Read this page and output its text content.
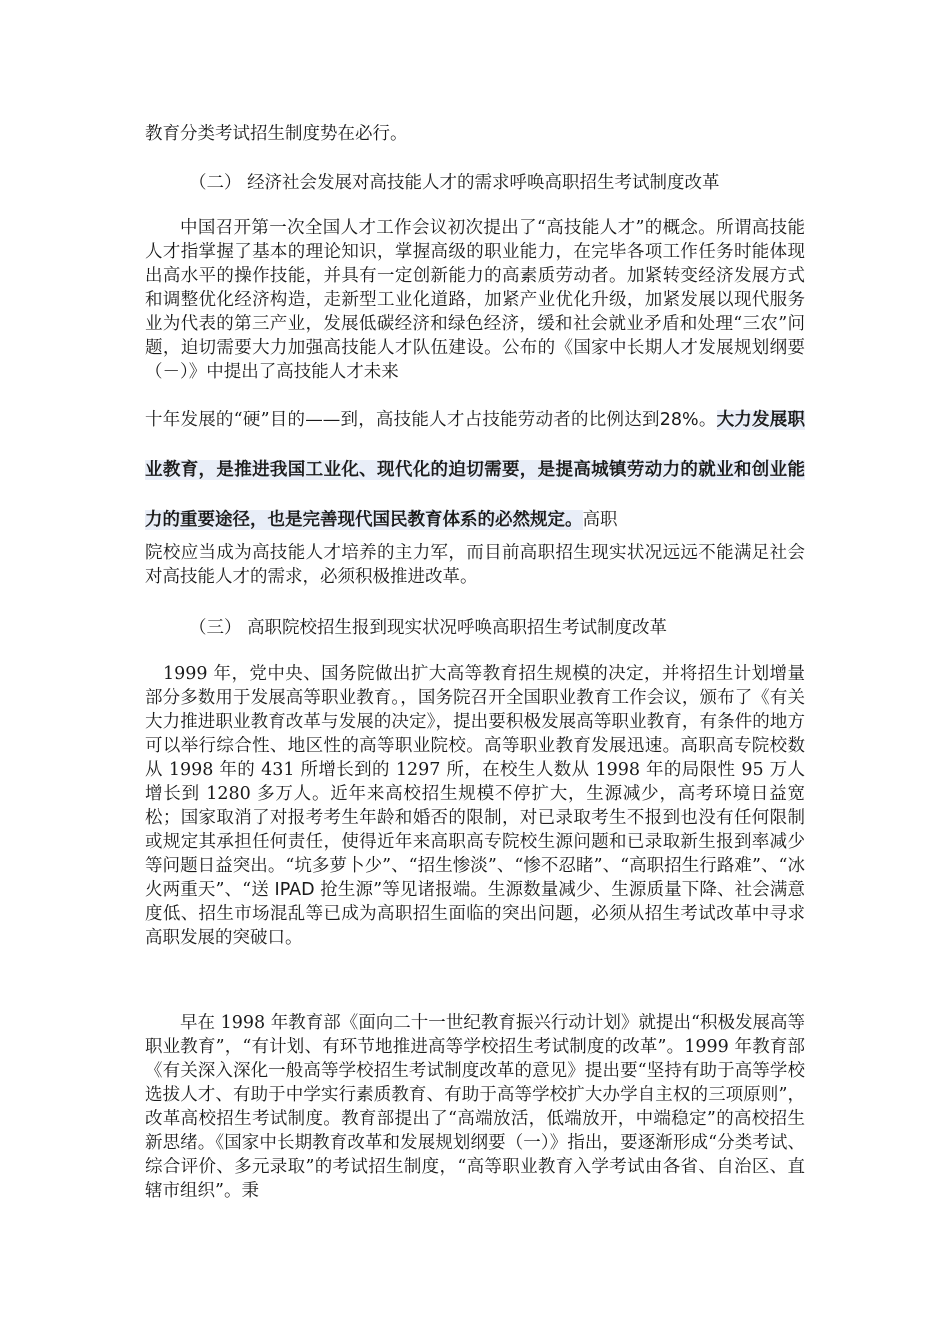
教育分类考试招生制度势在必行。

（二） 经济社会发展对高技能人才的需求呼唤高职招生考试制度改革

中国召开第一次全国人才工作会议初次提出了“高技能人才”的概念。所谓高技能人才指掌握了基本的理论知识，掌握高级的职业能力，在完毕各项工作任务时能体现出高水平的操作技能，并具有一定创新能力的高素质劳动者。加紧转变经济发展方式和调整优化经济构造，走新型工业化道路，加紧产业优化升级，加紧发展以现代服务业为代表的第三产业，发展低碳经济和绿色经济，缓和社会就业矛盾和处理“三农”问题，迫切需要大力加强高技能人才队伍建设。公布的《国家中长期人才发展规划纲要（－）》中提出了高技能人才未来

十年发展的“硬”目的——到，高技能人才占技能劳动者的比例达到28%。大力发展职业教育，是推进我国工业化、现代化的迫切需要，是提高城镇劳动力的就业和创业能力的重要途径，也是完善现代国民教育体系的必然规定。高职

院校应当成为高技能人才培养的主力军，而目前高职招生现实状况远远不能满足社会对高技能人才的需求，必须积极推进改革。

（三） 高职院校招生报到现实状况呼唤高职招生考试制度改革

1999 年，党中央、国务院做出扩大高等教育招生规模的决定，并将招生计划增量部分多数用于发展高等职业教育。，国务院召开全国职业教育工作会议，颁布了《有关大力推进职业教育改革与发展的决定》，提出要积极发展高等职业教育，有条件的地方可以举行综合性、地区性的高等职业院校。高等职业教育发展迅速。高职高专院校数从 1998 年的 431 所增长到的 1297 所，在校生人数从 1998 年的局限性 95 万人增长到 1280 多万人。近年来高校招生规模不停扩大，生源减少，高考环境日益宽松；国家取消了对报考考生年龄和婚否的限制，对已录取考生不报到也没有任何限制或规定其承担任何责任，使得近年来高职高专院校生源问题和已录取新生报到率减少等问题日益突出。“坑多萝卜少”、“招生惨淡”、“惨不忍睹”、“高职招生行路难”、“冰火两重天”、“送 IPAD 抢生源”等见诸报端。生源数量减少、生源质量下降、社会满意度低、招生市场混乱等已成为高职招生面临的突出问题，必须从招生考试改革中寻求高职发展的突破口。

早在 1998 年教育部《面向二十一世纪教育振兴行动计划》就提出“积极发展高等职业教育”，“有计划、有环节地推进高等学校招生考试制度的改革”。1999 年教育部《有关深入深化一般高等学校招生考试制度改革的意见》提出要“坚持有助于高等学校选拔人才、有助于中学实行素质教育、有助于高等学校扩大办学自主权的三项原则”，改革高校招生考试制度。教育部提出了“高端放活，低端放开，中端稳定”的高校招生新思绪。《国家中长期教育改革和发展规划纲要（一）》指出，要逐渐形成“分类考试、综合评价、多元录取”的考试招生制度，“高等职业教育入学考试由各省、自治区、直辖市组织”。秉
